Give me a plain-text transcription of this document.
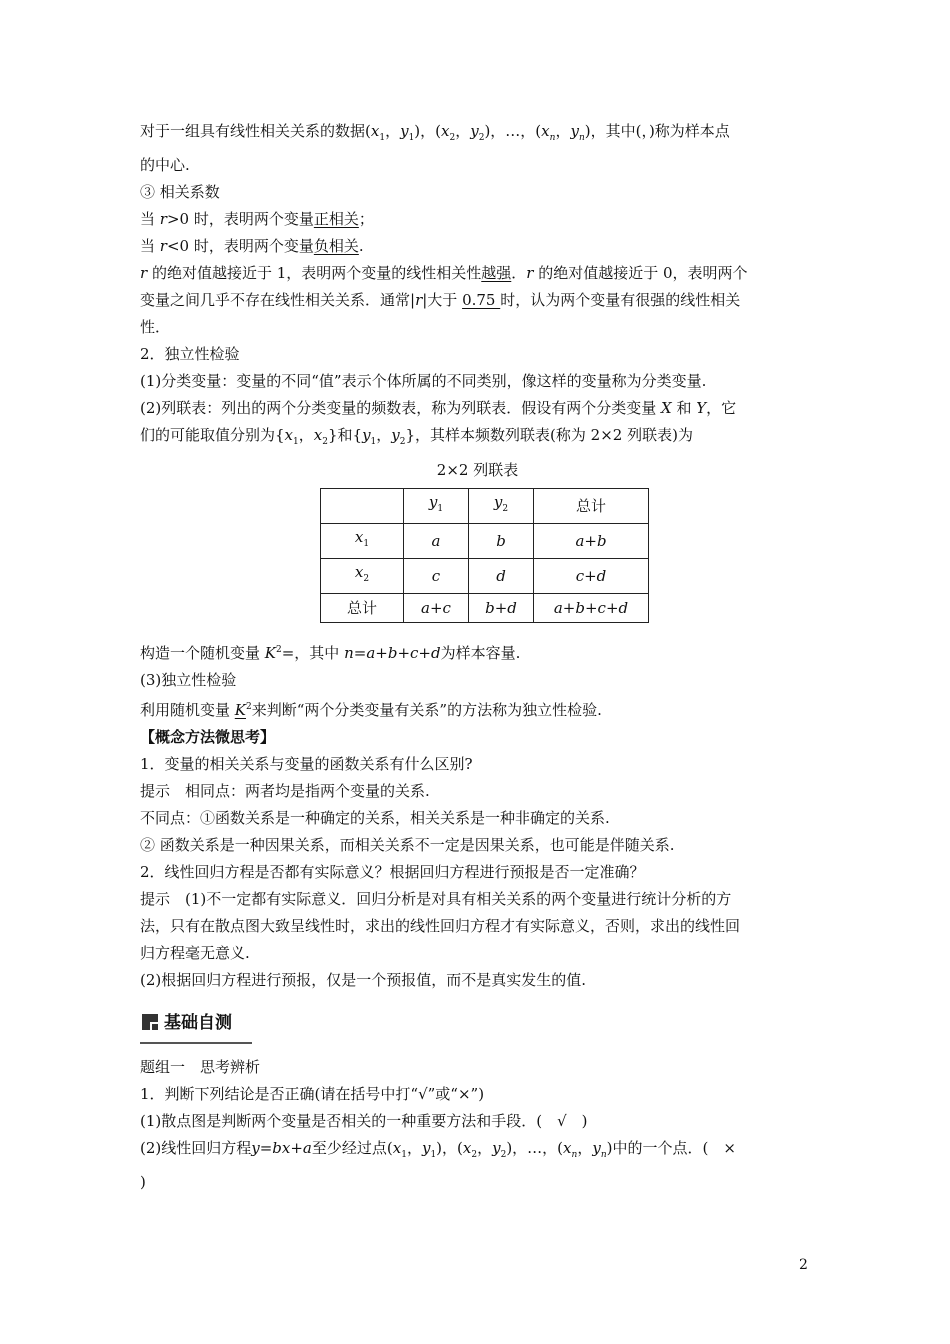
对于一组具有线性相关关系的数据($x_1$，$y_1$)，($x_2$，$y_2$)，…，($x_n$，$y_n$)，其中(，)称为样本点
的中心.
③ 相关系数
当 r>0 时，表明两个变量正相关；
当 r<0 时，表明两个变量负相关.
r 的绝对值越接近于 1，表明两个变量的线性相关性越强．r 的绝对值越接近于 0，表明两个
变量之间几乎不存在线性相关关系．通常|r|大于 0.75 时，认为两个变量有很强的线性相关
性．
2．独立性检验
(1)分类变量：变量的不同“值”表示个体所属的不同类别，像这样的变量称为分类变量.
(2)列联表：列出的两个分类变量的频数表，称为列联表．假设有两个分类变量 X 和 Y，它
们的可能取值分别为{$x_1$，$x_2$}和{$y_1$，$y_2$}，其样本频数列联表(称为 2×2 列联表)为
2×2 列联表
	$y_1$	$y_2$	总计
$x_1$	a	b	a+b
$x_2$	c	d	c+d
总计	a+c	b+d	a+b+c+d
构造一个随机变量 $K^2=$，其中 n=a+b+c+d为样本容量.
(3)独立性检验
利用随机变量 $K^2$来判断“两个分类变量有关系”的方法称为独立性检验.
【概念方法微思考】
1．变量的相关关系与变量的函数关系有什么区别?
提示　相同点：两者均是指两个变量的关系.
不同点：①函数关系是一种确定的关系，相关关系是一种非确定的关系.
② 函数关系是一种因果关系，而相关关系不一定是因果关系，也可能是伴随关系.
2．线性回归方程是否都有实际意义？根据回归方程进行预报是否一定准确？
提示　(1)不一定都有实际意义．回归分析是对具有相关关系的两个变量进行统计分析的方
法，只有在散点图大致呈线性时，求出的线性回归方程才有实际意义，否则，求出的线性回
归方程毫无意义.
(2)根据回归方程进行预报，仅是一个预报值，而不是真实发生的值.
基础自测
题组一　思考辨析
1．判断下列结论是否正确(请在括号中打“√”或“×”)
(1)散点图是判断两个变量是否相关的一种重要方法和手段．(　√　)
(2)线性回归方程y=bx+a至少经过点($x_1$，$y_1$)，($x_2$，$y_2$)，…，($x_n$，$y_n$)中的一个点．(　×
)
2
